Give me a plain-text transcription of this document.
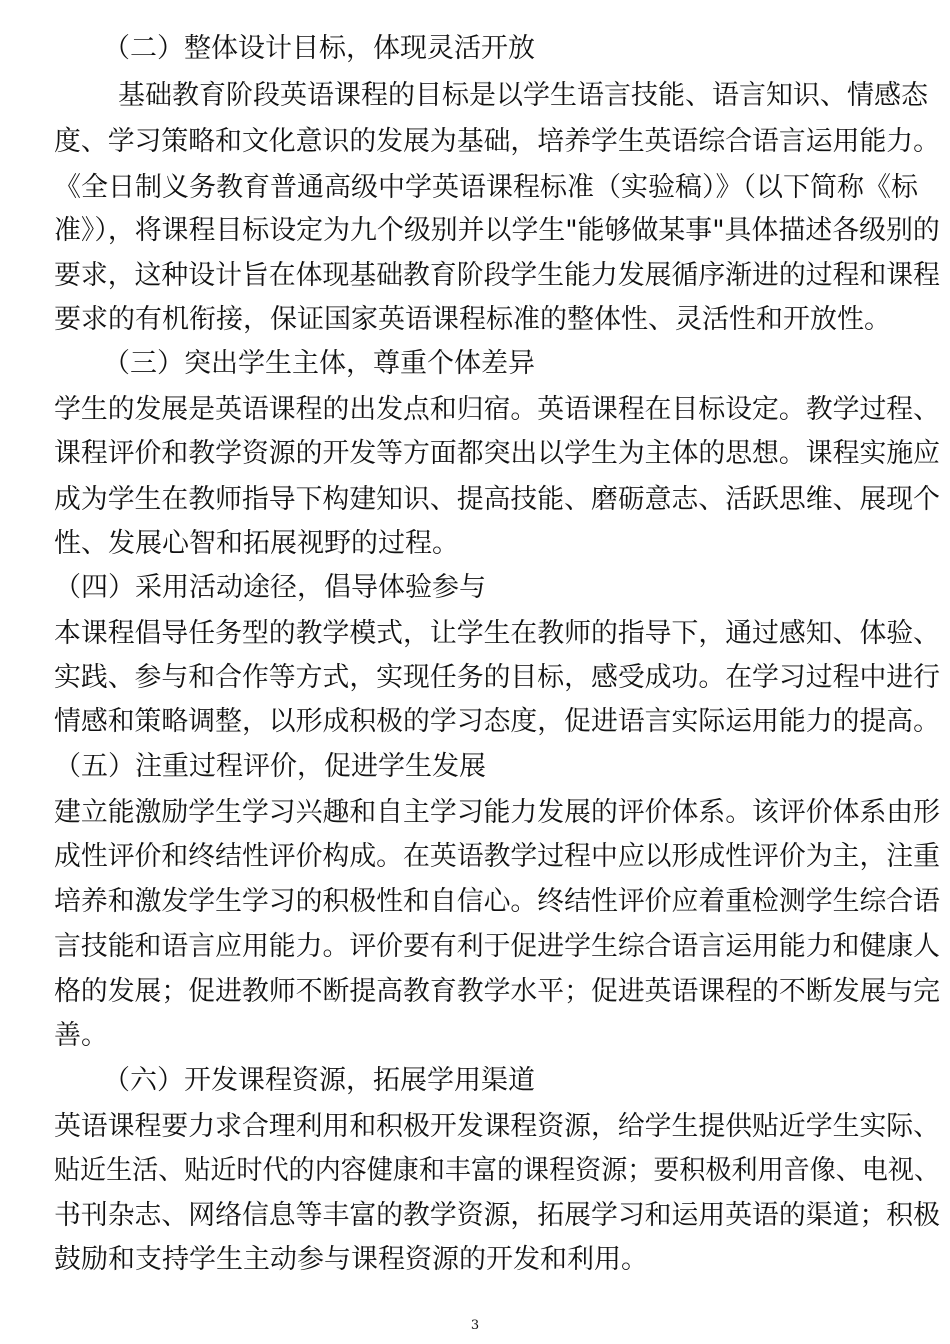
（二）整体设计目标，体现灵活开放
基础教育阶段英语课程的目标是以学生语言技能、语言知识、情感态
度、学习策略和文化意识的发展为基础，培养学生英语综合语言运用能力。
《全日制义务教育普通高级中学英语课程标准（实验稿）》（以下简称《标
准》），将课程目标设定为九个级别并以学生"能够做某事"具体描述各级别的
要求，这种设计旨在体现基础教育阶段学生能力发展循序渐进的过程和课程
要求的有机衔接，保证国家英语课程标准的整体性、灵活性和开放性。
（三）突出学生主体，尊重个体差异
学生的发展是英语课程的出发点和归宿。英语课程在目标设定。教学过程、
课程评价和教学资源的开发等方面都突出以学生为主体的思想。课程实施应
成为学生在教师指导下构建知识、提高技能、磨砺意志、活跃思维、展现个
性、发展心智和拓展视野的过程。
（四）采用活动途径，倡导体验参与
本课程倡导任务型的教学模式，让学生在教师的指导下，通过感知、体验、
实践、参与和合作等方式，实现任务的目标，感受成功。在学习过程中进行
情感和策略调整，以形成积极的学习态度，促进语言实际运用能力的提高。
（五）注重过程评价，促进学生发展
建立能激励学生学习兴趣和自主学习能力发展的评价体系。该评价体系由形
成性评价和终结性评价构成。在英语教学过程中应以形成性评价为主，注重
培养和激发学生学习的积极性和自信心。终结性评价应着重检测学生综合语
言技能和语言应用能力。评价要有利于促进学生综合语言运用能力和健康人
格的发展；促进教师不断提高教育教学水平；促进英语课程的不断发展与完
善。
（六）开发课程资源，拓展学用渠道
英语课程要力求合理利用和积极开发课程资源，给学生提供贴近学生实际、
贴近生活、贴近时代的内容健康和丰富的课程资源；要积极利用音像、电视、
书刊杂志、网络信息等丰富的教学资源，拓展学习和运用英语的渠道；积极
鼓励和支持学生主动参与课程资源的开发和利用。
3
